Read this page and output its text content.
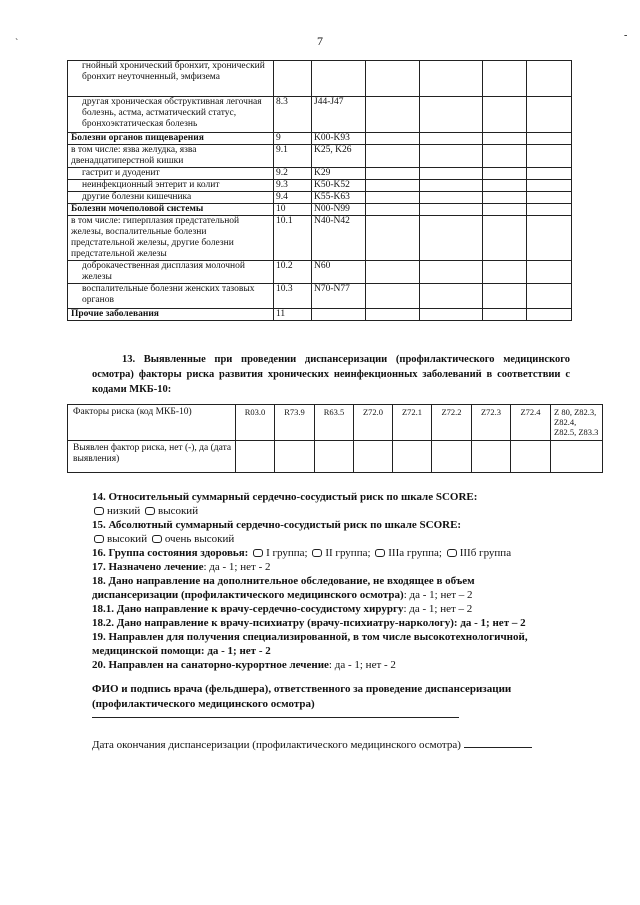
7
`
-
гнойный хронический бронхит, хронический бронхит неуточненный, эмфизема						
другая хроническая обструктивная легочная болезнь, астма, астматический статус, бронхоэктатическая болезнь	8.3	J44-J47				
Болезни органов пищеварения	9	K00-K93				
в том числе: язва желудка, язва двенадцатиперстной кишки	9.1	K25, K26				
гастрит и дуоденит	9.2	K29				
неинфекционный энтерит и колит	9.3	K50-K52				
другие болезни кишечника	9.4	K55-K63				
Болезни мочеполовой системы	10	N00-N99				
в том числе: гиперплазия предстательной железы, воспалительные болезни предстательной железы, другие болезни предстательной железы	10.1	N40-N42				
доброкачественная дисплазия молочной железы	10.2	N60				
воспалительные болезни женских тазовых органов	10.3	N70-N77				
Прочие заболевания	11					
13. Выявленные при проведении диспансеризации (профилактического медицинского осмотра) факторы риска развития хронических неинфекционных заболеваний в соответствии с кодами МКБ-10:
Факторы риска (код МКБ-10)	R03.0	R73.9	R63.5	Z72.0	Z72.1	Z72.2	Z72.3	Z72.4	Z 80, Z82.3, Z82.4, Z82.5, Z83.3
Выявлен фактор риска, нет (-), да (дата выявления)									
14. Относительный суммарный сердечно-сосудистый риск по шкале SCORE:
низкий высокий
15. Абсолютный суммарный сердечно-сосудистый риск по шкале SCORE:
высокий очень высокий
16. Группа состояния здоровья: I группа; II группа; IIIа группа; IIIб группа
17. Назначено лечение: да - 1; нет - 2
18. Дано направление на дополнительное обследование, не входящее в объем
диспансеризации (профилактического медицинского осмотра): да - 1; нет – 2
18.1. Дано направление к врачу-сердечно-сосудистому хирургу: да - 1; нет – 2
18.2. Дано направление к врачу-психиатру (врачу-психиатру-наркологу): да - 1; нет – 2
19. Направлен для получения специализированной, в том числе высокотехнологичной,
медицинской помощи: да - 1; нет - 2
20. Направлен на санаторно-курортное лечение: да - 1; нет - 2
ФИО и подпись врача (фельдшера), ответственного за проведение диспансеризации
(профилактического медицинского осмотра)
Дата окончания диспансеризации (профилактического медицинского осмотра)
